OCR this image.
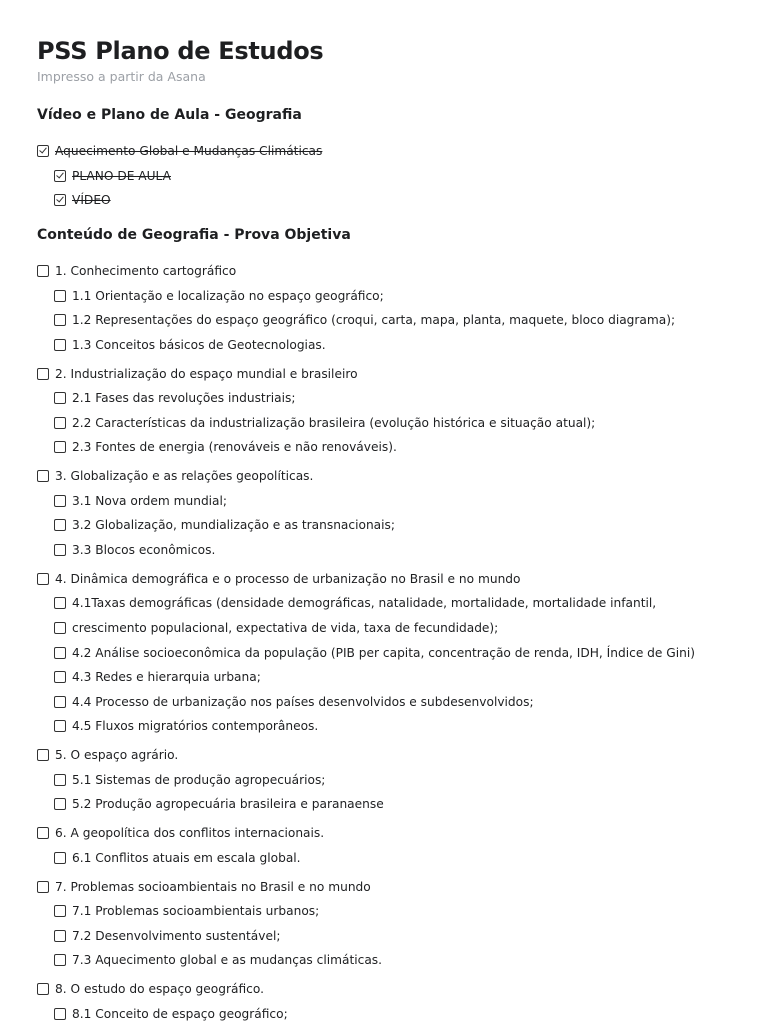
PSS Plano de Estudos
Impresso a partir da Asana
Vídeo e Plano de Aula - Geografia
Aquecimento Global e Mudanças Climáticas
PLANO DE AULA
VÍDEO
Conteúdo de Geografia - Prova Objetiva
1. Conhecimento cartográfico
1.1 Orientação e localização no espaço geográfico;
1.2 Representações do espaço geográfico (croqui, carta, mapa, planta, maquete, bloco diagrama);
1.3 Conceitos básicos de Geotecnologias.
2. Industrialização do espaço mundial e brasileiro
2.1 Fases das revoluções industriais;
2.2 Características da industrialização brasileira (evolução histórica e situação atual);
2.3 Fontes de energia (renováveis e não renováveis).
3. Globalização e as relações geopolíticas.
3.1 Nova ordem mundial;
3.2 Globalização, mundialização e as transnacionais;
3.3 Blocos econômicos.
4. Dinâmica demográfica e o processo de urbanização no Brasil e no mundo
4.1Taxas demográficas (densidade demográficas, natalidade, mortalidade, mortalidade infantil,
crescimento populacional, expectativa de vida, taxa de fecundidade);
4.2 Análise socioeconômica da população (PIB per capita, concentração de renda, IDH, Índice de Gini)
4.3 Redes e hierarquia urbana;
4.4 Processo de urbanização nos países desenvolvidos e subdesenvolvidos;
4.5 Fluxos migratórios contemporâneos.
5. O espaço agrário.
5.1 Sistemas de produção agropecuários;
5.2 Produção agropecuária brasileira e paranaense
6. A geopolítica dos conflitos internacionais.
6.1 Conflitos atuais em escala global.
7. Problemas socioambientais no Brasil e no mundo
7.1 Problemas socioambientais urbanos;
7.2 Desenvolvimento sustentável;
7.3 Aquecimento global e as mudanças climáticas.
8. O estudo do espaço geográfico.
8.1 Conceito de espaço geográfico;
